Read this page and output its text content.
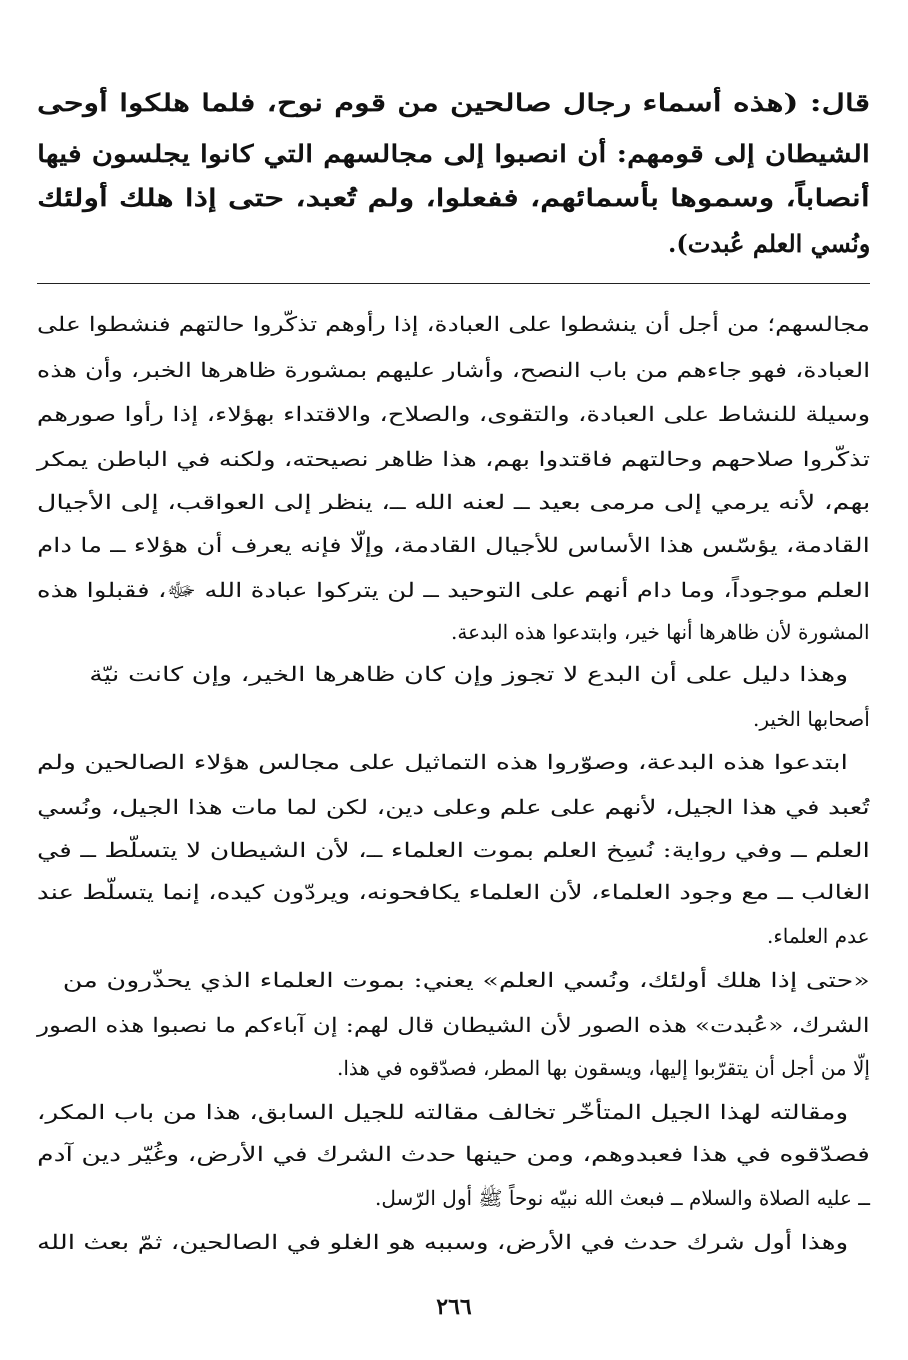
قال: (هذه أسماء رجال صالحين من قوم نوح، فلما هلكوا أوحى
الشيطان إلى قومهم: أن انصبوا إلى مجالسهم التي كانوا يجلسون فيها
أنصاباً، وسموها بأسمائهم، ففعلوا، ولم تُعبد، حتى إذا هلك أولئك
ونُسي العلم عُبدت).
مجالسهم؛ من أجل أن ينشطوا على العبادة، إذا رأوهم تذكّروا حالتهم فنشطوا على
العبادة، فهو جاءهم من باب النصح، وأشار عليهم بمشورة ظاهرها الخبر، وأن هذه
وسيلة للنشاط على العبادة، والتقوى، والصلاح، والاقتداء بهؤلاء، إذا رأوا صورهم
تذكّروا صلاحهم وحالتهم فاقتدوا بهم، هذا ظاهر نصيحته، ولكنه في الباطن يمكر
بهم، لأنه يرمي إلى مرمى بعيد ــ لعنه الله ــ، ينظر إلى العواقب، إلى الأجيال
القادمة، يؤسّس هذا الأساس للأجيال القادمة، وإلّا فإنه يعرف أن هؤلاء ــ ما دام
العلم موجوداً، وما دام أنهم على التوحيد ــ لن يتركوا عبادة الله ﷻ، فقبلوا هذه
المشورة لأن ظاهرها أنها خير، وابتدعوا هذه البدعة.
وهذا دليل على أن البدع لا تجوز وإن كان ظاهرها الخير، وإن كانت نيّة
أصحابها الخير.
ابتدعوا هذه البدعة، وصوّروا هذه التماثيل على مجالس هؤلاء الصالحين ولم
تُعبد في هذا الجيل، لأنهم على علم وعلى دين، لكن لما مات هذا الجيل، ونُسي
العلم ــ وفي رواية: نُسِخ العلم بموت العلماء ــ، لأن الشيطان لا يتسلّط ــ في
الغالب ــ مع وجود العلماء، لأن العلماء يكافحونه، ويردّون كيده، إنما يتسلّط عند
عدم العلماء.
«حتى إذا هلك أولئك، ونُسي العلم» يعني: بموت العلماء الذي يحذّرون من
الشرك، «عُبدت» هذه الصور لأن الشيطان قال لهم: إن آباءكم ما نصبوا هذه الصور
إلّا من أجل أن يتقرّبوا إليها، ويسقون بها المطر، فصدّقوه في هذا.
ومقالته لهذا الجيل المتأخّر تخالف مقالته للجيل السابق، هذا من باب المكر،
فصدّقوه في هذا فعبدوهم، ومن حينها حدث الشرك في الأرض، وغُيّر دين آدم
ــ عليه الصلاة والسلام ــ فبعث الله نبيّه نوحاً ﷺ أول الرّسل.
وهذا أول شرك حدث في الأرض، وسببه هو الغلو في الصالحين، ثمّ بعث الله
٢٦٦
